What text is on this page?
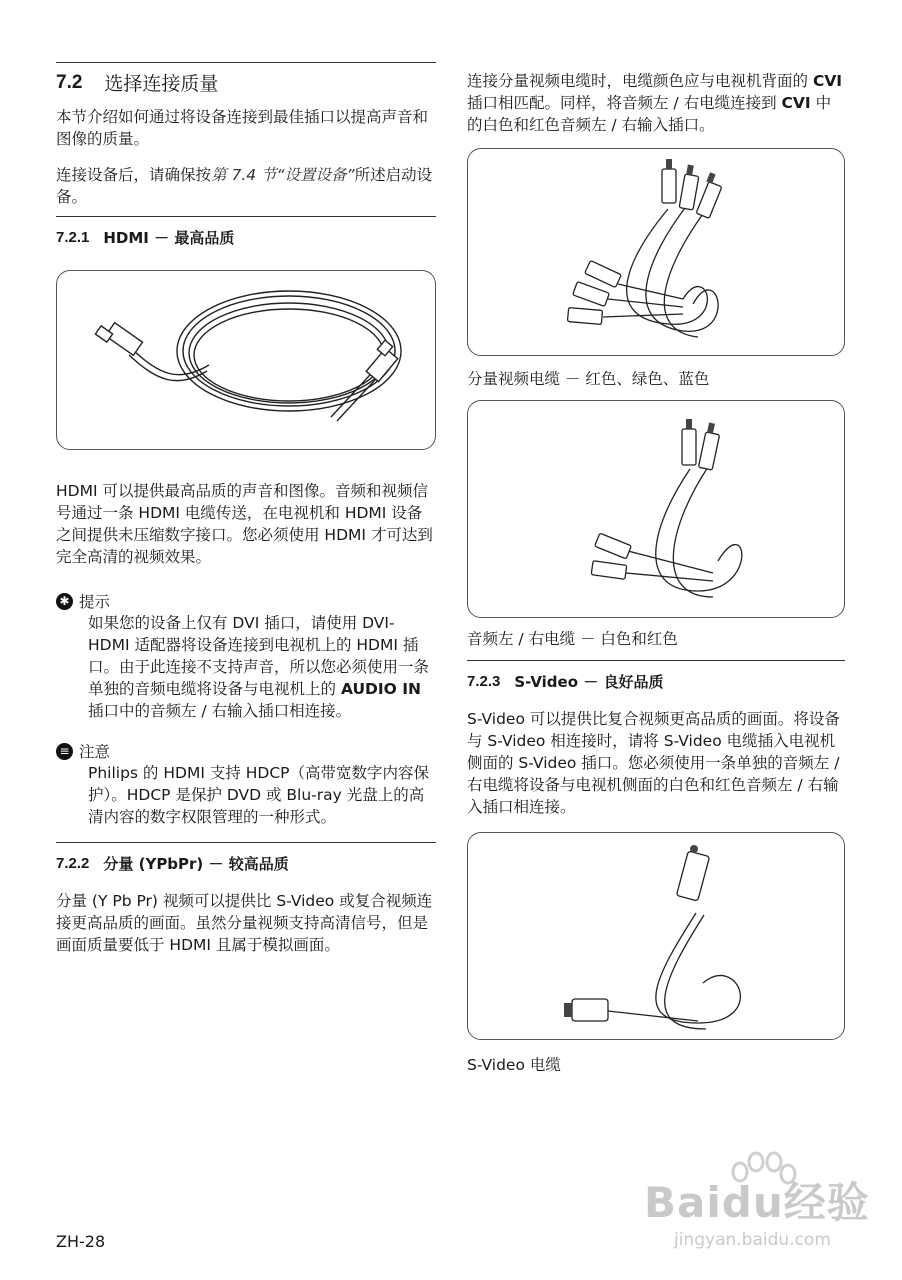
7.2 选择连接质量

本节介绍如何通过将设备连接到最佳插口以提高声音和图像的质量。

连接设备后，请确保按第 7.4 节“设置设备”所述启动设备。

7.2.1 HDMI － 最高品质

HDMI 可以提供最高品质的声音和图像。音频和视频信号通过一条 HDMI 电缆传送，在电视机和 HDMI 设备之间提供未压缩数字接口。您必须使用 HDMI 才可达到完全高清的视频效果。

✱ 提示

如果您的设备上仅有 DVI 插口，请使用 DVI-HDMI 适配器将设备连接到电视机上的 HDMI 插口。由于此连接不支持声音，所以您必须使用一条单独的音频电缆将设备与电视机上的 AUDIO IN 插口中的音频左 / 右输入插口相连接。

≡ 注意

Philips 的 HDMI 支持 HDCP（高带宽数字内容保护）。HDCP 是保护 DVD 或 Blu-ray 光盘上的高清内容的数字权限管理的一种形式。

7.2.2 分量 (YPbPr) － 较高品质

分量 (Y Pb Pr) 视频可以提供比 S-Video 或复合视频连接更高品质的画面。虽然分量视频支持高清信号，但是画面质量要低于 HDMI 且属于模拟画面。

连接分量视频电缆时，电缆颜色应与电视机背面的 CVI 插口相匹配。同样，将音频左 / 右电缆连接到 CVI 中的白色和红色音频左 / 右输入插口。

分量视频电缆 － 红色、绿色、蓝色
音频左 / 右电缆 － 白色和红色
7.2.3 S-Video － 良好品质

S-Video 可以提供比复合视频更高品质的画面。将设备与 S-Video 相连接时，请将 S-Video 电缆插入电视机侧面的 S-Video 插口。您必须使用一条单独的音频左 / 右电缆将设备与电视机侧面的白色和红色音频左 / 右输入插口相连接。

S-Video 电缆
Baidu经验
jingyan.baidu.com
ZH-28
